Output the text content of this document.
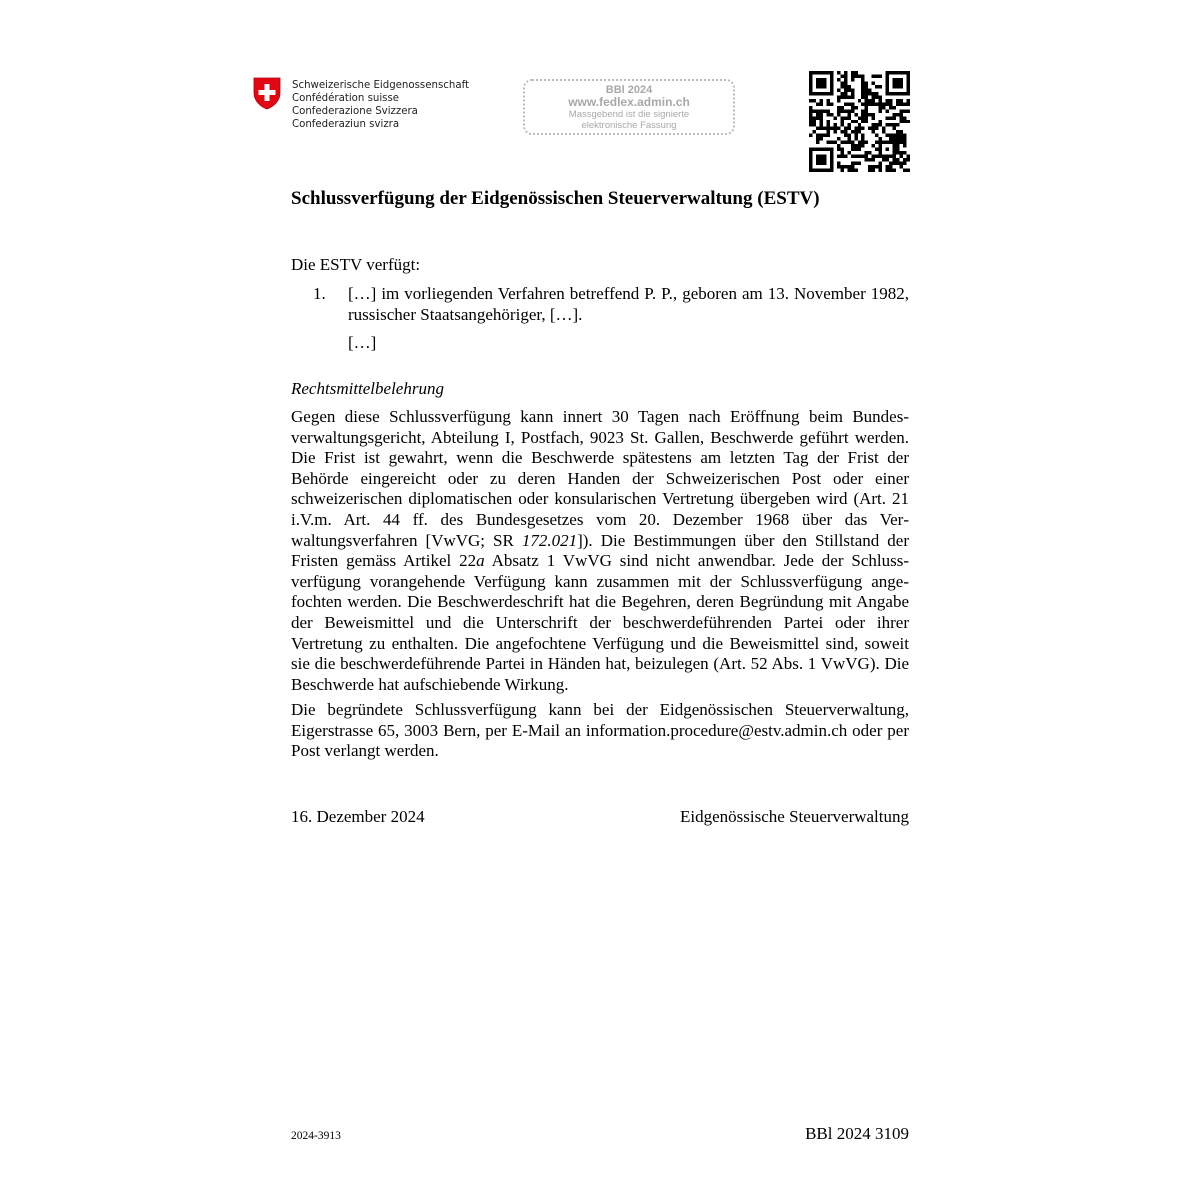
Schweizerische Eidgenossenschaft
Confédération suisse
Confederazione Svizzera
Confederaziun svizra
BBl 2024
www.fedlex.admin.ch
Massgebend ist die signierte
elektronische Fassung
Schlussverfügung der Eidgenössischen Steuerverwaltung (ESTV)
Die ESTV verfügt:
1. […] im vorliegenden Verfahren betreffend P. P., geboren am 13. November 1982, russischer Staatsangehöriger, […].
[…]
Rechtsmittelbelehrung
Gegen diese Schlussverfügung kann innert 30 Tagen nach Eröffnung beim Bundesverwaltungsgericht, Abteilung I, Postfach, 9023 St. Gallen, Beschwerde geführt werden. Die Frist ist gewahrt, wenn die Beschwerde spätestens am letzten Tag der Frist der Behörde eingereicht oder zu deren Handen der Schweizerischen Post oder einer schweizerischen diplomatischen oder konsularischen Vertretung übergeben wird (Art. 21 i.V.m. Art. 44 ff. des Bundesgesetzes vom 20. Dezember 1968 über das Verwaltungsverfahren [VwVG; SR 172.021]). Die Bestimmungen über den Stillstand der Fristen gemäss Artikel 22a Absatz 1 VwVG sind nicht anwendbar. Jede der Schlussverfügung vorangehende Verfügung kann zusammen mit der Schlussverfügung angefochten werden. Die Beschwerdeschrift hat die Begehren, deren Begründung mit Angabe der Beweismittel und die Unterschrift der beschwerdeführenden Partei oder ihrer Vertretung zu enthalten. Die angefochtene Verfügung und die Beweismittel sind, soweit sie die beschwerdeführende Partei in Händen hat, beizulegen (Art. 52 Abs. 1 VwVG). Die Beschwerde hat aufschiebende Wirkung.
Die begründete Schlussverfügung kann bei der Eidgenössischen Steuerverwaltung, Eigerstrasse 65, 3003 Bern, per E-Mail an information.procedure@estv.admin.ch oder per Post verlangt werden.
16. Dezember 2024	Eidgenössische Steuerverwaltung
2024-3913	BBl 2024 3109
